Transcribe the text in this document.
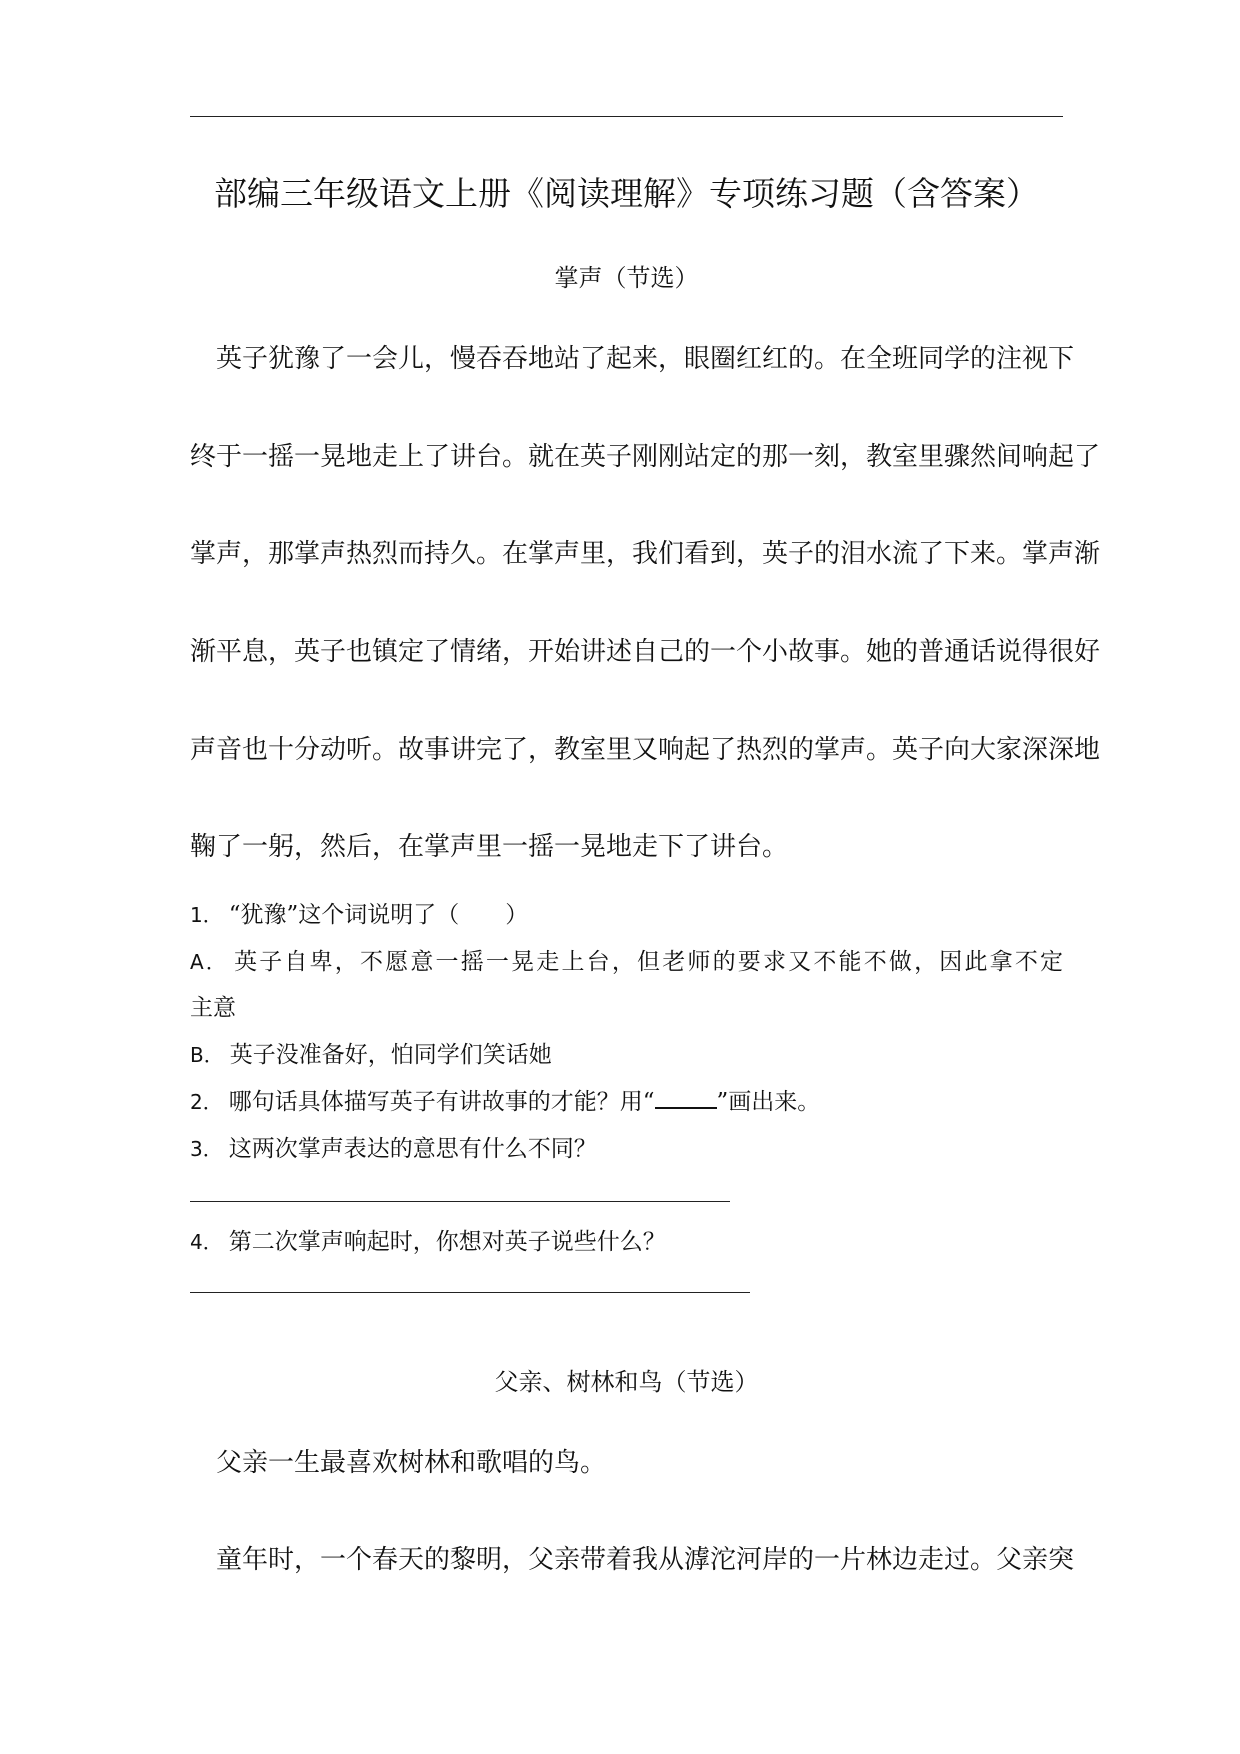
部编三年级语文上册《阅读理解》专项练习题（含答案）
掌声（节选）
　英子犹豫了一会儿，慢吞吞地站了起来，眼圈红红的。在全班同学的注视下
终于一摇一晃地走上了讲台。就在英子刚刚站定的那一刻，教室里骤然间响起了
掌声，那掌声热烈而持久。在掌声里，我们看到，英子的泪水流了下来。掌声渐
渐平息，英子也镇定了情绪，开始讲述自己的一个小故事。她的普通话说得很好
声音也十分动听。故事讲完了，教室里又响起了热烈的掌声。英子向大家深深地
鞠了一躬，然后，在掌声里一摇一晃地走下了讲台。
1． “犹豫”这个词说明了（　　）
A． 英子自卑，不愿意一摇一晃走上台，但老师的要求又不能不做，因此拿不定
主意
B． 英子没准备好，怕同学们笑话她
2． 哪句话具体描写英子有讲故事的才能？用“	”画出来。
3． 这两次掌声表达的意思有什么不同？
4． 第二次掌声响起时，你想对英子说些什么？
父亲、树林和鸟（节选）
　父亲一生最喜欢树林和歌唱的鸟。
　童年时，一个春天的黎明，父亲带着我从滹沱河岸的一片林边走过。父亲突
